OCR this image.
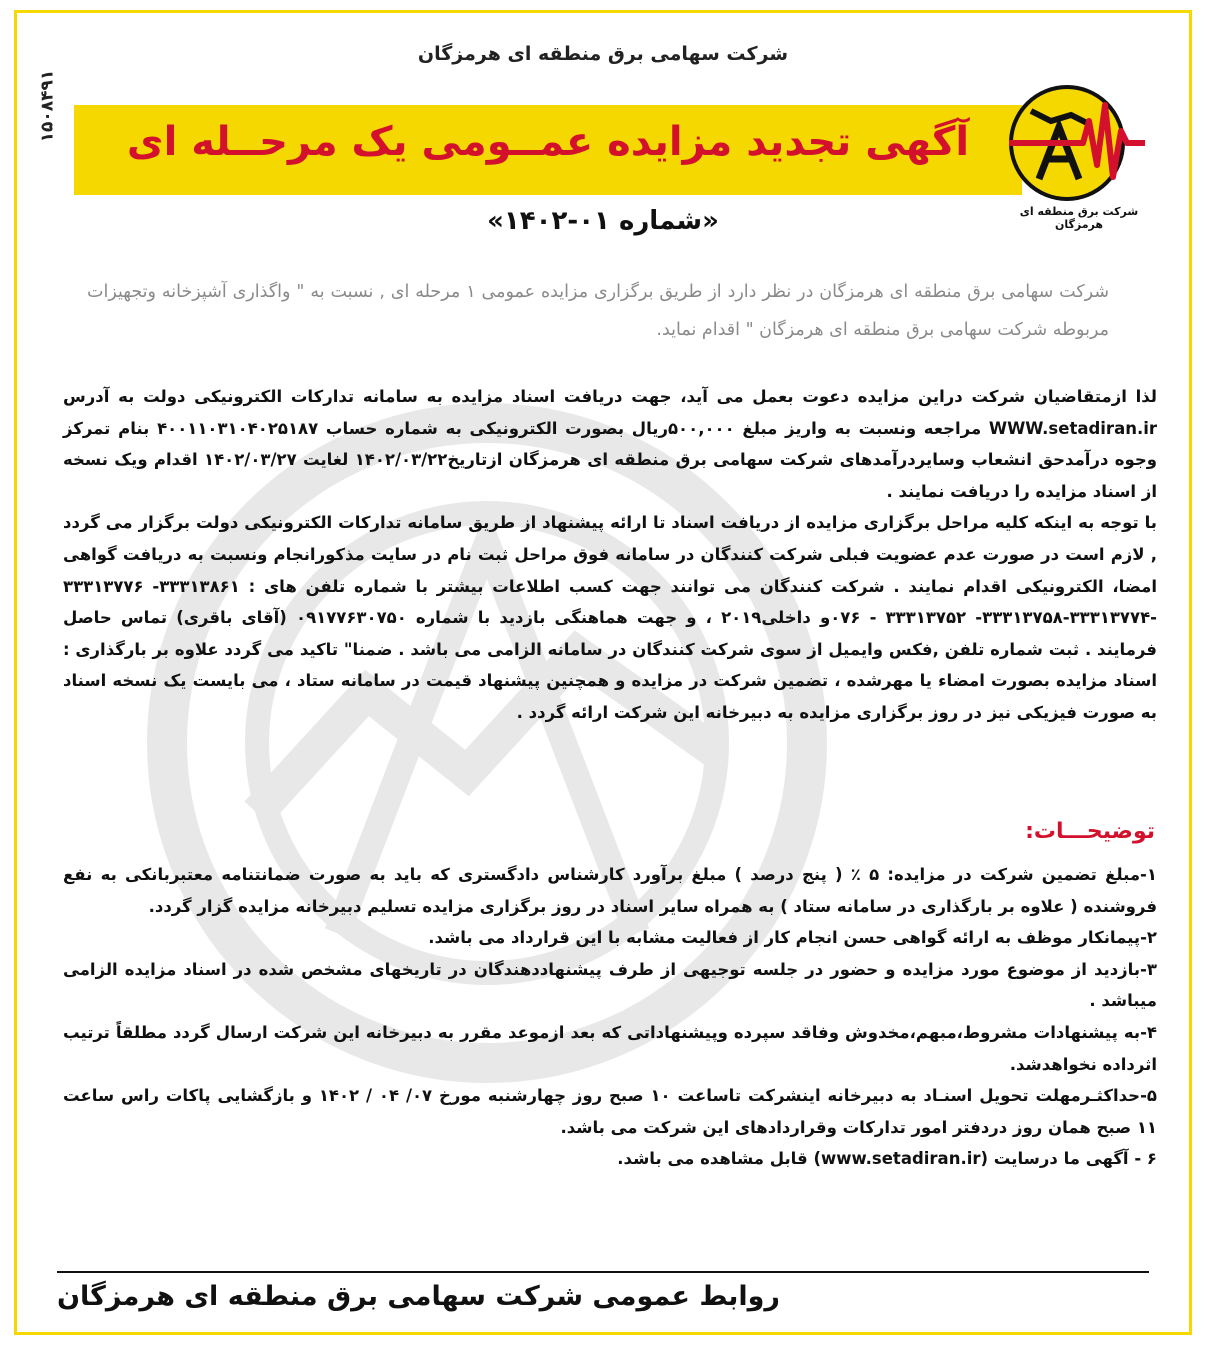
شرکت سهامی برق منطقه ای هرمزگان
۱۵۰۸۴۹۱	آگهی تجدید مزایده عمــومی یک مرحــله ای
شرکت برق منطقه ای هرمزگان
«شماره ۰۱-۱۴۰۲»
شرکت سهامی برق منطقه ای هرمزگان در نظر دارد از طریق برگزاری مزایده عمومی ۱ مرحله ای , نسبت به " واگذاری آشپزخانه وتجهیزات مربوطه شرکت سهامی برق منطقه ای هرمزگان " اقدام نماید.

لذا ازمتقاضیان شرکت دراین مزایده دعوت بعمل می آید، جهت دریافت اسناد مزایده به سامانه تدارکات الکترونیکی دولت به آدرس WWW.setadiran.ir مراجعه ونسبت به واریز مبلغ ۵۰۰,۰۰۰ریال بصورت الکترونیکی به شماره حساب ۴۰۰۱۱۰۳۱۰۴۰۲۵۱۸۷ بنام تمرکز وجوه درآمدحق انشعاب وسایردرآمدهای شرکت سهامی برق منطقه ای هرمزگان ازتاریخ۱۴۰۲/۰۳/۲۲ لغایت ۱۴۰۲/۰۳/۲۷ اقدام ویک نسخه از اسناد مزایده را دریافت نمایند .

با توجه به اینکه کلیه مراحل برگزاری مزایده از دریافت اسناد تا ارائه پیشنهاد از طریق سامانه تدارکات الکترونیکی دولت برگزار می گردد , لازم است در صورت عدم عضویت فبلی شرکت کنندگان در سامانه فوق مراحل ثبت نام در سایت مذکورانجام ونسبت به دریافت گواهی امضا، الکترونیکی اقدام نمایند . شرکت کنندگان می توانند جهت کسب اطلاعات بیشتر با شماره تلفن های : ۳۳۳۱۳۸۶۱- ۳۳۳۱۳۷۷۶ -۳۳۳۱۳۷۷۴-۳۳۳۱۳۷۵۸- ۳۳۳۱۳۷۵۲ - ۰۷۶و داخلی۲۰۱۹ ، و جهت هماهنگی بازدید با شماره ۰۹۱۷۷۶۳۰۷۵۰ (آقای باقری) تماس حاصل فرمایند . ثبت شماره تلفن ,فکس وایمیل از سوی شرکت کنندگان در سامانه الزامی می باشد . ضمنا" تاکید می گردد علاوه بر بارگذاری : اسناد مزایده بصورت امضاء یا مهرشده ، تضمین شرکت در مزایده و همچنین پیشنهاد قیمت در سامانه ستاد ، می بایست یک نسخه اسناد به صورت فیزیکی نیز در روز برگزاری مزایده به دبیرخانه این شرکت ارائه گردد .

توضیحـــات:

۱-مبلغ تضمین شرکت در مزایده: ۵ ٪ ( پنج درصد ) مبلغ برآورد کارشناس دادگستری که باید به صورت ضمانتنامه معتبربانکی به نفع فروشنده ( علاوه بر بارگذاری در سامانه ستاد ) به همراه سایر اسناد در روز برگزاری مزایده تسلیم دبیرخانه مزایده گزار گردد.

۲-پیمانکار موظف به ارائه گواهی حسن انجام کار از فعالیت مشابه با این قرارداد می باشد.

۳-بازدید از موضوع مورد مزایده و حضور در جلسه توجیهی از طرف پیشنهاددهندگان در تاریخهای مشخص شده در اسناد مزایده الزامی میباشد .

۴-به پیشنهادات مشروط،مبهم،مخدوش وفاقد سپرده وپیشنهاداتی که بعد ازموعد مقرر به دبیرخانه این شرکت ارسال گردد مطلقاً ترتیب اثرداده نخواهدشد.

۵-حداکثـرمهلت تحویل اسنـاد به دبیرخانه اینشرکت تاساعت ۱۰ صبح روز چهارشنبه مورخ ۰۷/ ۰۴ / ۱۴۰۲ و بازگشایی پاکات راس ساعت ۱۱ صبح همان روز دردفتر امور تدارکات وقراردادهای این شرکت می باشد.

۶ - آگهی ما درسایت (www.setadiran.ir) قابل مشاهده می باشد.

روابط عمومی شرکت سهامی برق منطقه ای هرمزگان
